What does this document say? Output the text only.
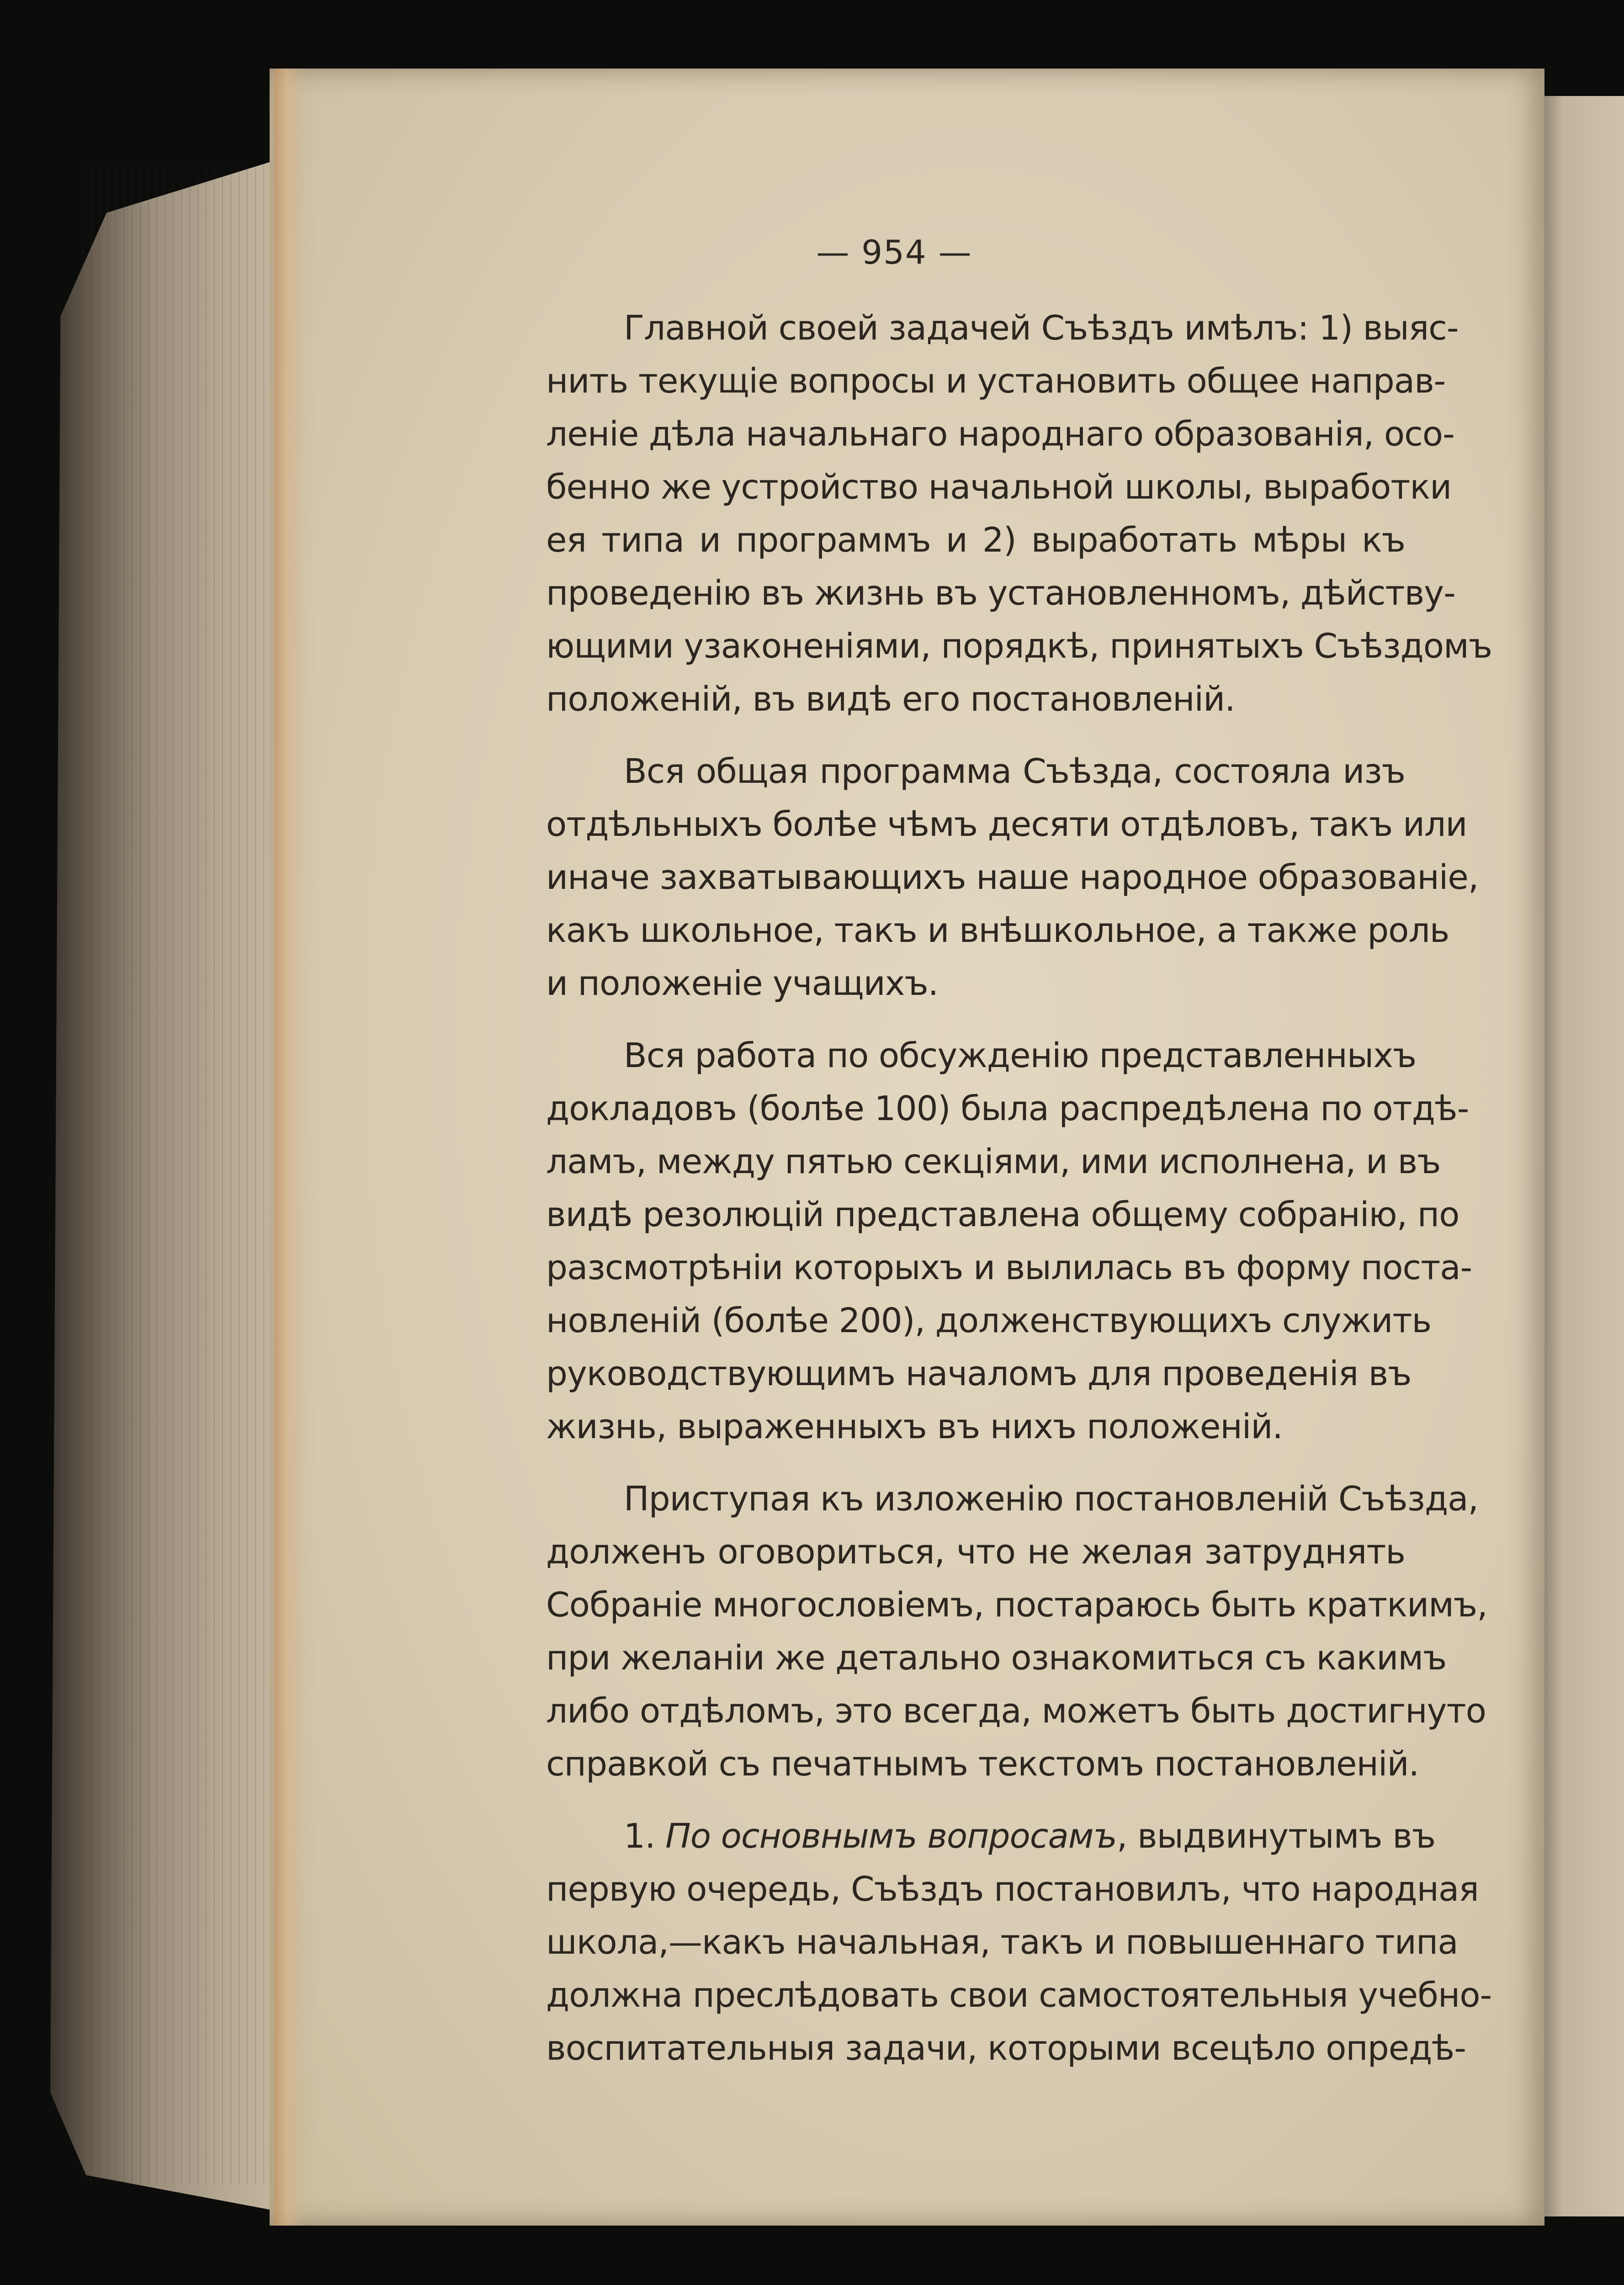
— 954 —
Главной своей задачей Съѣздъ имѣлъ: 1) выяс-
нить текущіе вопросы и установить общее направ-
леніе дѣла начальнаго народнаго образованія, осо-
бенно же устройство начальной школы, выработки
ея типа и программъ и 2) выработать мѣры къ
проведенію въ жизнь въ установленномъ, дѣйству-
ющими узаконеніями, порядкѣ, принятыхъ Съѣздомъ
положеній, въ видѣ его постановленій.
Вся общая программа Съѣзда, состояла изъ
отдѣльныхъ болѣе чѣмъ десяти отдѣловъ, такъ или
иначе захватывающихъ наше народное образованіе,
какъ школьное, такъ и внѣшкольное, а также роль
и положеніе учащихъ.
Вся работа по обсужденію представленныхъ
докладовъ (болѣе 100) была распредѣлена по отдѣ-
ламъ, между пятью секціями, ими исполнена, и въ
видѣ резолюцій представлена общему собранію, по
разсмотрѣніи которыхъ и вылилась въ форму поста-
новленій (болѣе 200), долженствующихъ служить
руководствующимъ началомъ для проведенія въ
жизнь, выраженныхъ въ нихъ положеній.
Приступая къ изложенію постановленій Съѣзда,
долженъ оговориться, что не желая затруднять
Собраніе многословіемъ, постараюсь быть краткимъ,
при желаніи же детально ознакомиться съ какимъ
либо отдѣломъ, это всегда, можетъ быть достигнуто
справкой съ печатнымъ текстомъ постановленій.
1. По основнымъ вопросамъ, выдвинутымъ въ
первую очередь, Съѣздъ постановилъ, что народная
школа,—какъ начальная, такъ и повышеннаго типа
должна преслѣдовать свои самостоятельныя учебно-
воспитательныя задачи, которыми всецѣло опредѣ-
